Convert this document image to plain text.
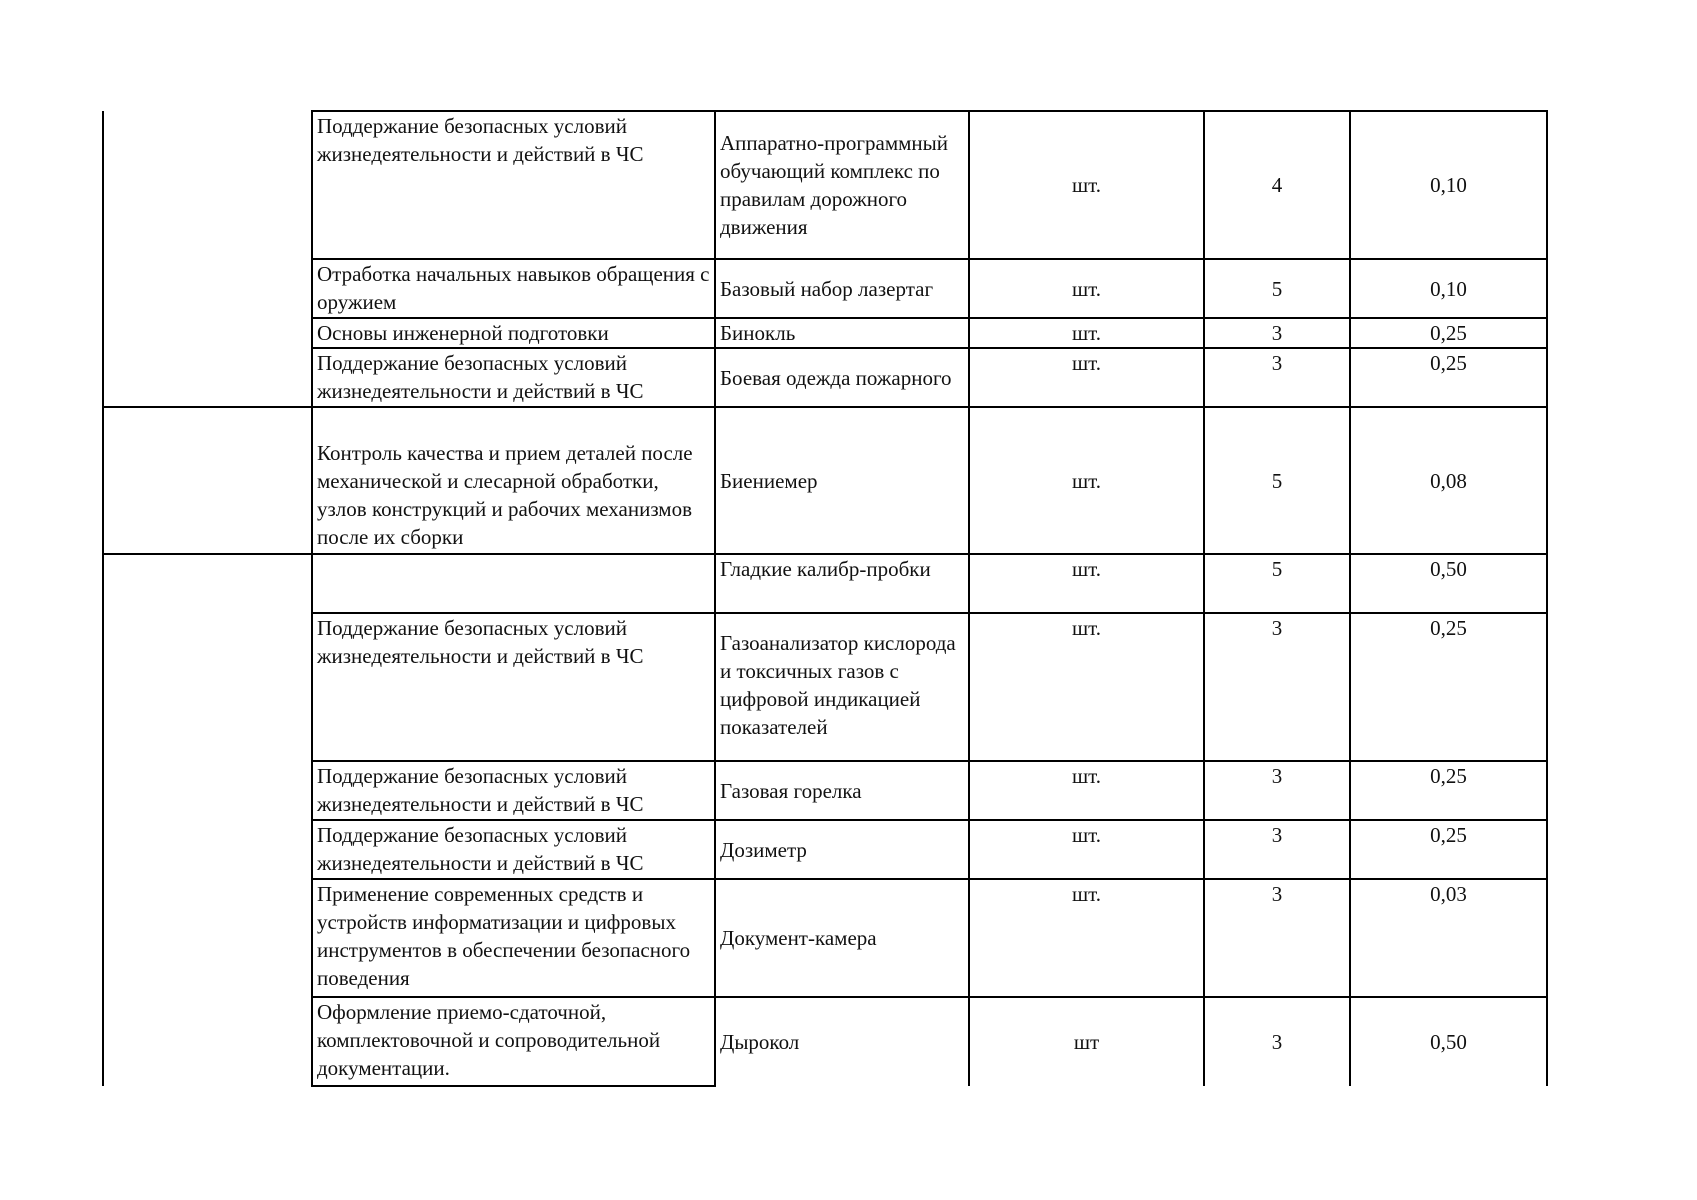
	Поддержание безопасных условий жизнедеятельности и действий в ЧС	Аппаратно-программный обучающий комплекс по правилам дорожного движения	шт.	4	0,10
	Отработка начальных навыков обращения с оружием	Базовый набор лазертаг	шт.	5	0,10
	Основы инженерной подготовки	Бинокль	шт.	3	0,25
	Поддержание безопасных условий жизнедеятельности и действий в ЧС	Боевая одежда пожарного	шт.	3	0,25
	Контроль качества и прием деталей после механической и слесарной обработки, узлов конструкций и рабочих механизмов после их сборки	Биениемер	шт.	5	0,08
		Гладкие калибр-пробки	шт.	5	0,50
	Поддержание безопасных условий жизнедеятельности и действий в ЧС	Газоанализатор кислорода и токсичных газов с цифровой индикацией показателей	шт.	3	0,25
	Поддержание безопасных условий жизнедеятельности и действий в ЧС	Газовая горелка	шт.	3	0,25
	Поддержание безопасных условий жизнедеятельности и действий в ЧС	Дозиметр	шт.	3	0,25
	Применение современных средств и устройств информатизации и цифровых инструментов в обеспечении безопасного поведения	Документ-камера	шт.	3	0,03
	Оформление приемо-сдаточной, комплектовочной и сопроводительной документации.	Дырокол	шт	3	0,50
